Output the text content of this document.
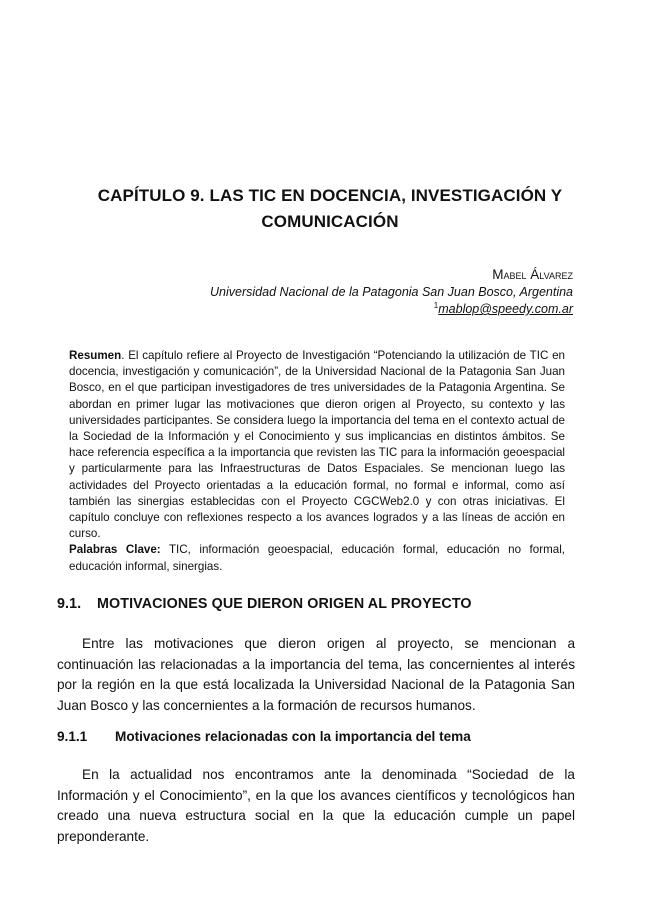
CAPÍTULO 9. LAS TIC EN DOCENCIA, INVESTIGACIÓN Y
COMUNICACIÓN
Mabel Álvarez
Universidad Nacional de la Patagonia San Juan Bosco, Argentina
$^1$mablop@speedy.com.ar

Resumen. El capítulo refiere al Proyecto de Investigación “Potenciando la utilización de TIC en docencia, investigación y comunicación”, de la Universidad Nacional de la Patagonia San Juan Bosco, en el que participan investigadores de tres universidades de la Patagonia Argentina. Se abordan en primer lugar las motivaciones que dieron origen al Proyecto, su contexto y las universidades participantes. Se considera luego la importancia del tema en el contexto actual de la Sociedad de la Información y el Conocimiento y sus implicancias en distintos ámbitos. Se hace referencia específica a la importancia que revisten las TIC para la información geoespacial y particularmente para las Infraestructuras de Datos Espaciales. Se mencionan luego las actividades del Proyecto orientadas a la educación formal, no formal e informal, como así también las sinergias establecidas con el Proyecto CGCWeb2.0 y con otras iniciativas. El capítulo concluye con reflexiones respecto a los avances logrados y a las líneas de acción en curso.

Palabras Clave: TIC, información geoespacial, educación formal, educación no formal, educación informal, sinergias.

9.1. MOTIVACIONES QUE DIERON ORIGEN AL PROYECTO

Entre las motivaciones que dieron origen al proyecto, se mencionan a continuación las relacionadas a la importancia del tema, las concernientes al interés por la región en la que está localizada la Universidad Nacional de la Patagonia San Juan Bosco y las concernientes a la formación de recursos humanos.

9.1.1 Motivaciones relacionadas con la importancia del tema

En la actualidad nos encontramos ante la denominada “Sociedad de la Información y el Conocimiento”, en la que los avances científicos y tecnológicos han creado una nueva estructura social en la que la educación cumple un papel preponderante.
